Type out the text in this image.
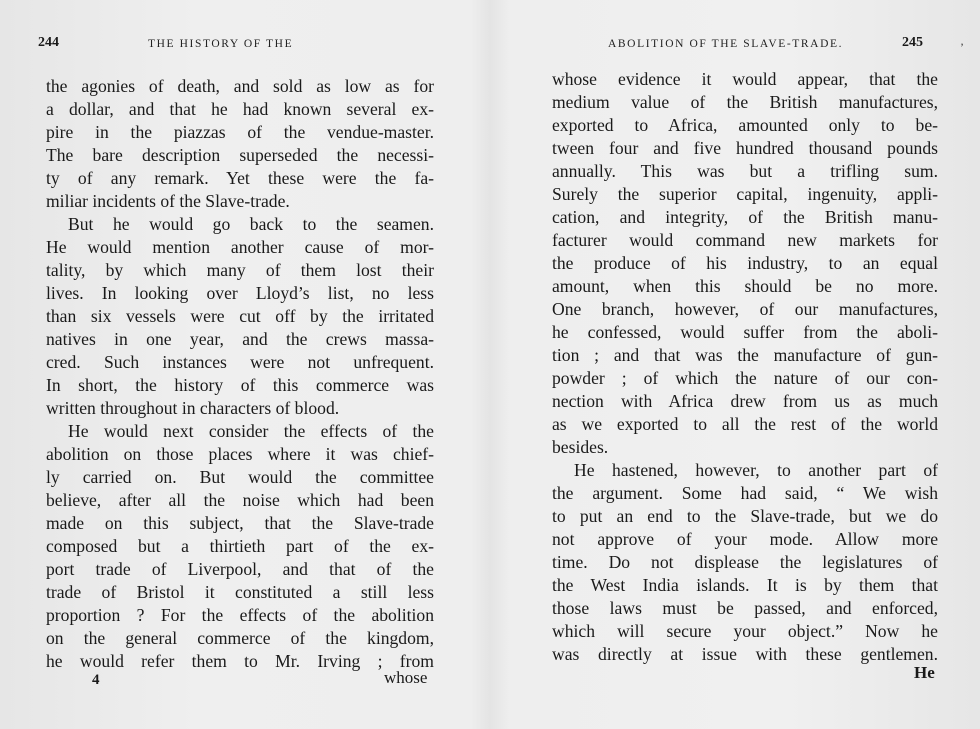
244	THE HISTORY OF THE
the agonies of death, and sold as low as for
a dollar, and that he had known several ex-
pire in the piazzas of the vendue-master.
The bare description superseded the necessi-
ty of any remark. Yet these were the fa-
miliar incidents of the Slave-trade.
But he would go back to the seamen.
He would mention another cause of mor-
tality, by which many of them lost their
lives. In looking over Lloyd’s list, no less
than six vessels were cut off by the irritated
natives in one year, and the crews massa-
cred. Such instances were not unfrequent.
In short, the history of this commerce was
written throughout in characters of blood.
He would next consider the effects of the
abolition on those places where it was chief-
ly carried on. But would the committee
believe, after all the noise which had been
made on this subject, that the Slave-trade
composed but a thirtieth part of the ex-
port trade of Liverpool, and that of the
trade of Bristol it constituted a still less
proportion ? For the effects of the abolition
on the general commerce of the kingdom,
he would refer them to Mr. Irving ; from
4	whose
ABOLITION OF THE SLAVE-TRADE.	245	’
whose evidence it would appear, that the
medium value of the British manufactures,
exported to Africa, amounted only to be-
tween four and five hundred thousand pounds
annually. This was but a trifling sum.
Surely the superior capital, ingenuity, appli-
cation, and integrity, of the British manu-
facturer would command new markets for
the produce of his industry, to an equal
amount, when this should be no more.
One branch, however, of our manufactures,
he confessed, would suffer from the aboli-
tion ; and that was the manufacture of gun-
powder ; of which the nature of our con-
nection with Africa drew from us as much
as we exported to all the rest of the world
besides.
He hastened, however, to another part of
the argument. Some had said, “ We wish
to put an end to the Slave-trade, but we do
not approve of your mode. Allow more
time. Do not displease the legislatures of
the West India islands. It is by them that
those laws must be passed, and enforced,
which will secure your object.” Now he
was directly at issue with these gentlemen.
He
